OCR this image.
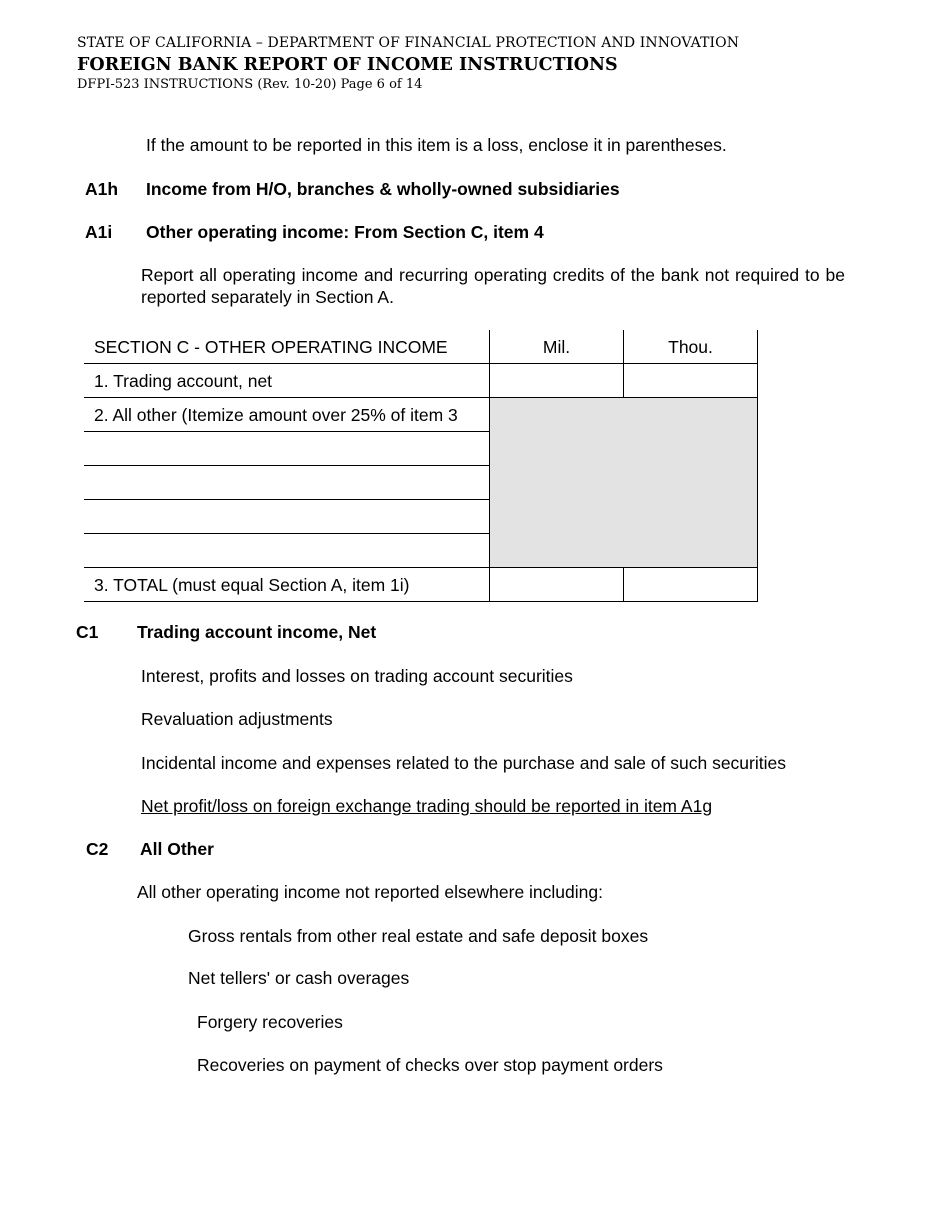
STATE OF CALIFORNIA – DEPARTMENT OF FINANCIAL PROTECTION AND INNOVATION
FOREIGN BANK REPORT OF INCOME INSTRUCTIONS
DFPI-523 INSTRUCTIONS (Rev. 10-20) Page 6 of 14
If the amount to be reported in this item is a loss, enclose it in parentheses.
A1h Income from H/O, branches & wholly-owned subsidiaries
A1i Other operating income: From Section C, item 4
Report all operating income and recurring operating credits of the bank not required to be reported separately in Section A.
SECTION C - OTHER OPERATING INCOME	Mil.	Thou.
1. Trading account, net
2. All other (Itemize amount over 25% of item 3
3. TOTAL (must equal Section A, item 1i)
C1 Trading account income, Net
Interest, profits and losses on trading account securities
Revaluation adjustments
Incidental income and expenses related to the purchase and sale of such securities
Net profit/loss on foreign exchange trading should be reported in item A1g
C2 All Other
All other operating income not reported elsewhere including:
Gross rentals from other real estate and safe deposit boxes
Net tellers' or cash overages
Forgery recoveries
Recoveries on payment of checks over stop payment orders
